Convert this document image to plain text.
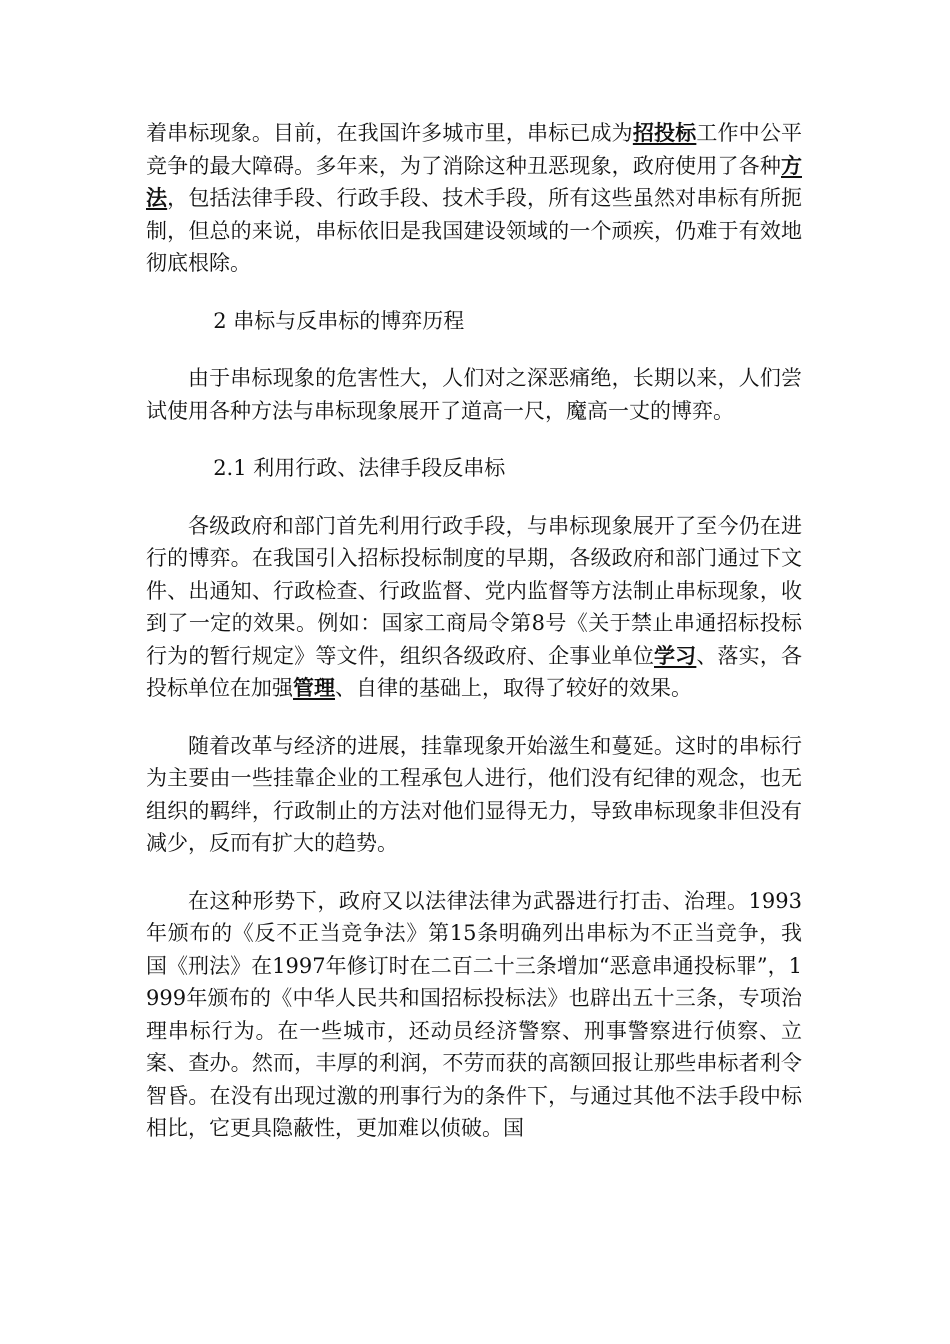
着串标现象。目前，在我国许多城市里，串标已成为招投标工作中公平竞争的最大障碍。多年来，为了消除这种丑恶现象，政府使用了各种方法，包括法律手段、行政手段、技术手段，所有这些虽然对串标有所扼制，但总的来说，串标依旧是我国建设领域的一个顽疾，仍难于有效地彻底根除。

2 串标与反串标的博弈历程

由于串标现象的危害性大，人们对之深恶痛绝，长期以来，人们尝试使用各种方法与串标现象展开了道高一尺，魔高一丈的博弈。

2.1 利用行政、法律手段反串标

各级政府和部门首先利用行政手段，与串标现象展开了至今仍在进行的博弈。在我国引入招标投标制度的早期，各级政府和部门通过下文件、出通知、行政检查、行政监督、党内监督等方法制止串标现象，收到了一定的效果。例如：国家工商局令第8号《关于禁止串通招标投标行为的暂行规定》等文件，组织各级政府、企事业单位学习、落实，各投标单位在加强管理、自律的基础上，取得了较好的效果。

随着改革与经济的进展，挂靠现象开始滋生和蔓延。这时的串标行为主要由一些挂靠企业的工程承包人进行，他们没有纪律的观念，也无组织的羁绊，行政制止的方法对他们显得无力，导致串标现象非但没有减少，反而有扩大的趋势。

在这种形势下，政府又以法律法律为武器进行打击、治理。1993年颁布的《反不正当竞争法》第15条明确列出串标为不正当竞争，我国《刑法》在1997年修订时在二百二十三条增加“恶意串通投标罪”，1999年颁布的《中华人民共和国招标投标法》也辟出五十三条，专项治理串标行为。在一些城市，还动员经济警察、刑事警察进行侦察、立案、查办。然而，丰厚的利润，不劳而获的高额回报让那些串标者利令智昏。在没有出现过激的刑事行为的条件下，与通过其他不法手段中标相比，它更具隐蔽性，更加难以侦破。国
